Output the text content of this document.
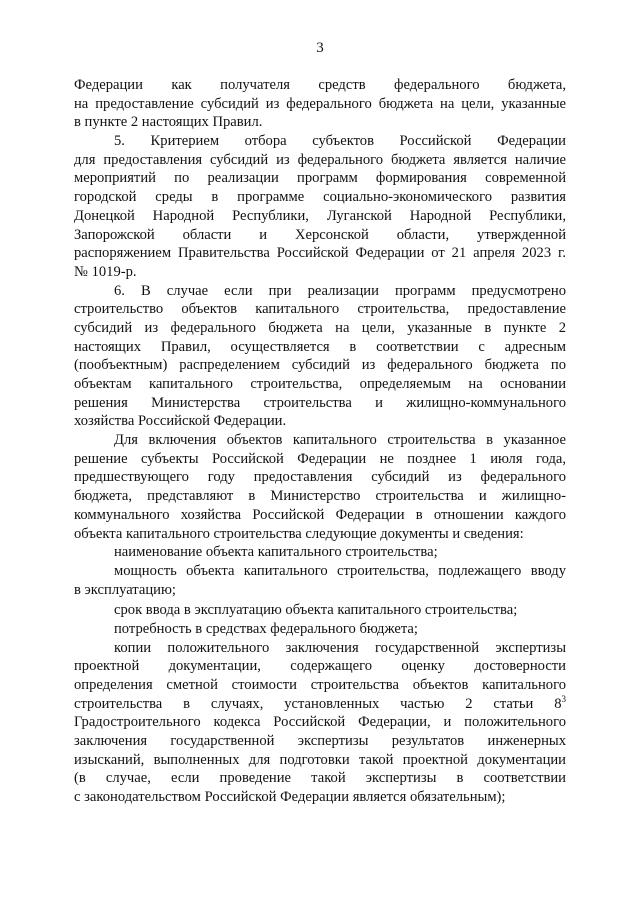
3
Федерации как получателя средств федерального бюджета,
на предоставление субсидий из федерального бюджета на цели, указанные
в пункте 2 настоящих Правил.
5. Критерием отбора субъектов Российской Федерации
для предоставления субсидий из федерального бюджета является наличие
мероприятий по реализации программ формирования современной
городской среды в программе социально-экономического развития
Донецкой Народной Республики, Луганской Народной Республики,
Запорожской области и Херсонской области, утвержденной
распоряжением Правительства Российской Федерации от 21 апреля 2023 г.
№ 1019-р.
6. В случае если при реализации программ предусмотрено
строительство объектов капитального строительства, предоставление
субсидий из федерального бюджета на цели, указанные в пункте 2
настоящих Правил, осуществляется в соответствии с адресным
(пообъектным) распределением субсидий из федерального бюджета по
объектам капитального строительства, определяемым на основании
решения Министерства строительства и жилищно-коммунального
хозяйства Российской Федерации.
Для включения объектов капитального строительства в указанное
решение субъекты Российской Федерации не позднее 1 июля года,
предшествующего году предоставления субсидий из федерального
бюджета, представляют в Министерство строительства и жилищно-
коммунального хозяйства Российской Федерации в отношении каждого
объекта капитального строительства следующие документы и сведения:
наименование объекта капитального строительства;
мощность объекта капитального строительства, подлежащего вводу
в эксплуатацию;
срок ввода в эксплуатацию объекта капитального строительства;
потребность в средствах федерального бюджета;
копии положительного заключения государственной экспертизы
проектной документации, содержащего оценку достоверности
определения сметной стоимости строительства объектов капитального
строительства в случаях, установленных частью 2 статьи $8^3$
Градостроительного кодекса Российской Федерации, и положительного
заключения государственной экспертизы результатов инженерных
изысканий, выполненных для подготовки такой проектной документации
(в случае, если проведение такой экспертизы в соответствии
с законодательством Российской Федерации является обязательным);
